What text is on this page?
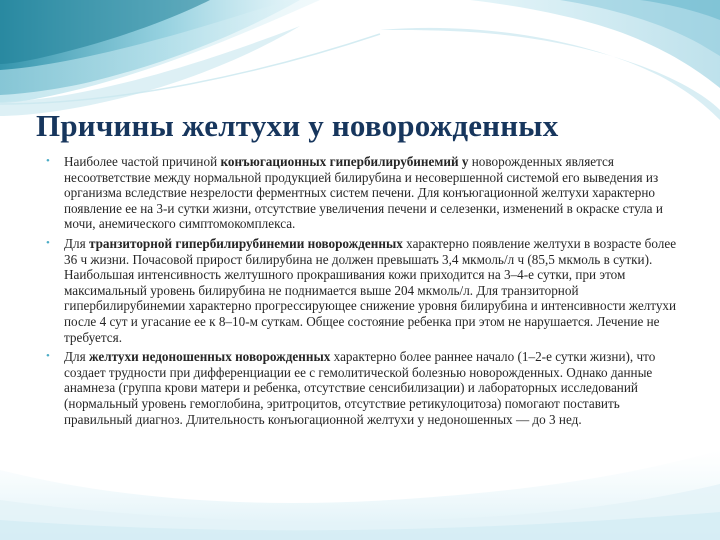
Причины желтухи у новорожденных
• Наиболее частой причиной конъюгационных гипербилирубинемий у новорожденных является несоответствие между нормальной продукцией билирубина и несовершенной системой его выведения из организма вследствие незрелости ферментных систем печени. Для конъюгационной желтухи характерно появление ее на 3-и сутки жизни, отсутствие увеличения печени и селезенки, изменений в окраске стула и мочи, анемического симптомокомплекса.
• Для транзиторной гипербилирубинемии новорожденных характерно появление желтухи в возрасте более 36 ч жизни. Почасовой прирост билирубина не должен превышать 3,4 мкмоль/л ч (85,5 мкмоль в сутки). Наибольшая интенсивность желтушного прокрашивания кожи приходится на 3–4-е сутки, при этом максимальный уровень билирубина не поднимается выше 204 мкмоль/л. Для транзиторной гипербилирубинемии характерно прогрессирующее снижение уровня билирубина и интенсивности желтухи после 4 сут и угасание ее к 8–10-м суткам. Общее состояние ребенка при этом не нарушается. Лечение не требуется.
• Для желтухи недоношенных новорожденных характерно более раннее начало (1–2-е сутки жизни), что создает трудности при дифференциации ее с гемолитической болезнью новорожденных. Однако данные анамнеза (группа крови матери и ребенка, отсутствие сенсибилизации) и лабораторных исследований (нормальный уровень гемоглобина, эритроцитов, отсутствие ретикулоцитоза) помогают поставить правильный диагноз. Длительность конъюгационной желтухи у недоношенных — до 3 нед.
